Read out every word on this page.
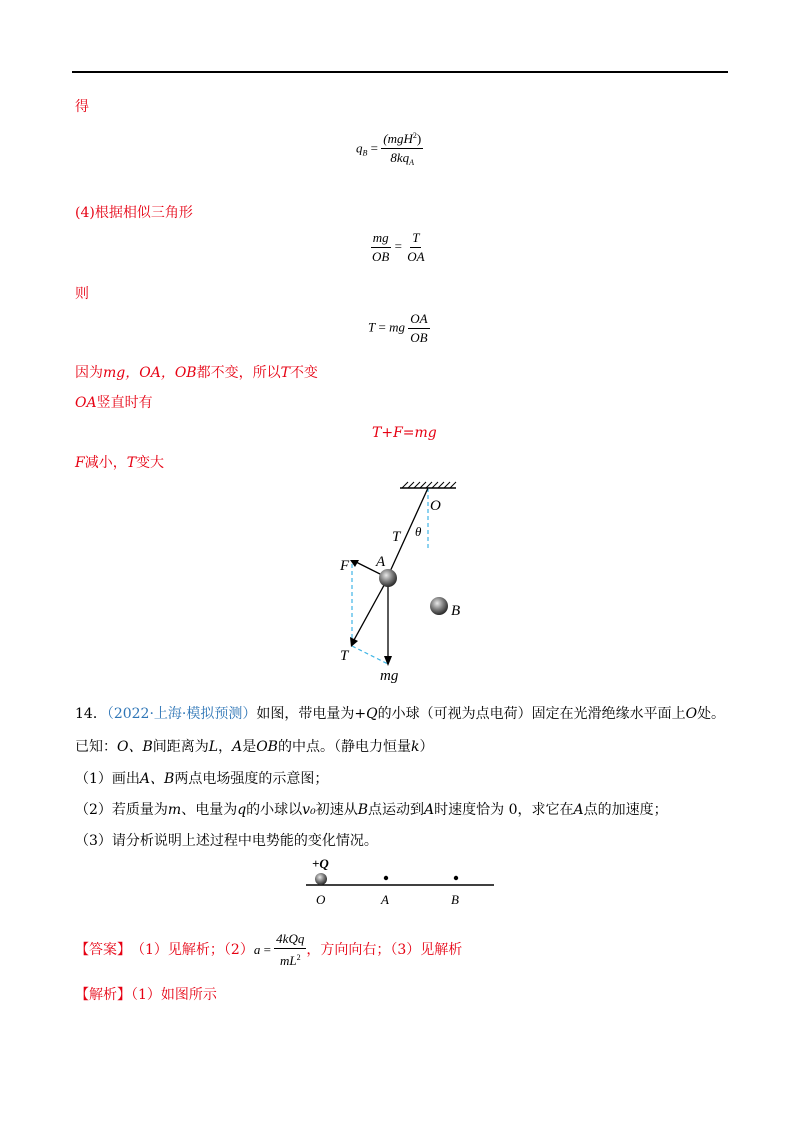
得
$q_B = \frac{(mgH^2)}{8kq_A}$
(4)根据相似三角形
$\frac{mg}{OB} = \frac{T}{OA}$
则
T = mg $\frac{OA}{OB}$
因为mg，OA，OB都不变，所以T不变
OA竖直时有
T+F=mg
F减小，T变大
O
θ
T
A
F
B
T
mg
14．（2022·上海·模拟预测）如图，带电量为+Q的小球（可视为点电荷）固定在光滑绝缘水平面上O处。
已知：O、B间距离为L，A是OB的中点。（静电力恒量k）
（1）画出A、B两点电场强度的示意图；
（2）若质量为m、电量为q的小球以v₀初速从B点运动到A时速度恰为 0，求它在A点的加速度；
（3）请分析说明上述过程中电势能的变化情况。
+Q
O	A	B
【答案】 （1）见解析；（2） a
=
$\frac{\text{4kQq}}{mL^2}$ ，方向向右；（3）见解析
【解析】（1）如图所示
